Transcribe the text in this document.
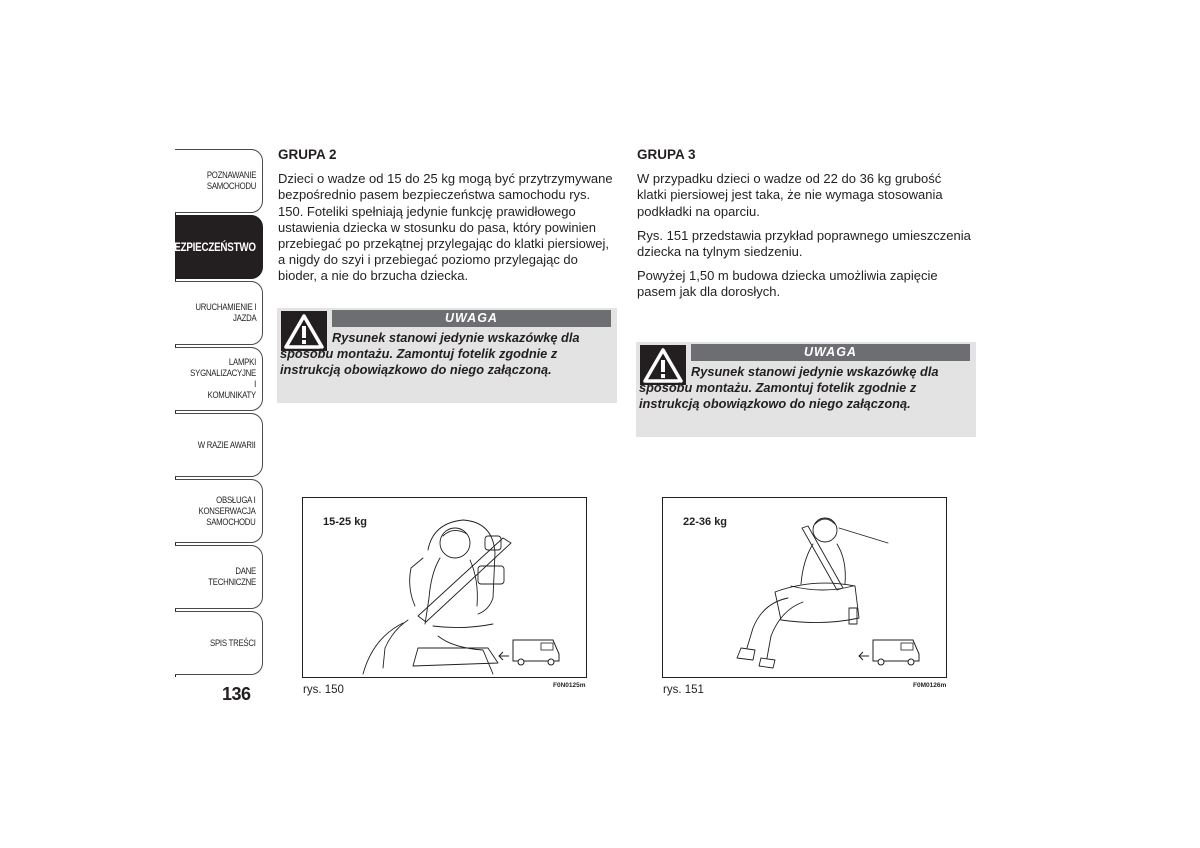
POZNAWANIE
SAMOCHODU
BEZPIECZEŃSTWO
URUCHAMIENIE I
JAZDA
LAMPKI
SYGNALIZACYJNE I
KOMUNIKATY
W RAZIE AWARII
OBSŁUGA I
KONSERWACJA
SAMOCHODU
DANE TECHNICZNE
SPIS TREŚCI
136
GRUPA 2

Dzieci o wadze od 15 do 25 kg mogą być przytrzymywane bezpośrednio pasem bezpieczeństwa samochodu rys. 150. Foteliki spełniają jedynie funkcję prawidłowego ustawienia dziecka w stosunku do pasa, który powinien przebiegać po przekątnej przylegając do klatki piersiowej, a nigdy do szyi i przebiegać poziomo przylegając do bioder, a nie do brzucha dziecka.

UWAGA
Rysunek stanowi jedynie wskazówkę dla sposobu montażu. Zamontuj fotelik zgodnie z instrukcją obowiązkowo do niego załączoną.
15-25 kg
rys. 150	F0N0125m
GRUPA 3

W przypadku dzieci o wadze od 22 do 36 kg grubość klatki piersiowej jest taka, że nie wymaga stosowania podkładki na oparciu.

Rys. 151 przedstawia przykład poprawnego umieszczenia dziecka na tylnym siedzeniu.

Powyżej 1,50 m budowa dziecka umożliwia zapięcie pasem jak dla dorosłych.

UWAGA
Rysunek stanowi jedynie wskazówkę dla sposobu montażu. Zamontuj fotelik zgodnie z instrukcją obowiązkowo do niego załączoną.
22-36 kg
rys. 151	F0M0126m
